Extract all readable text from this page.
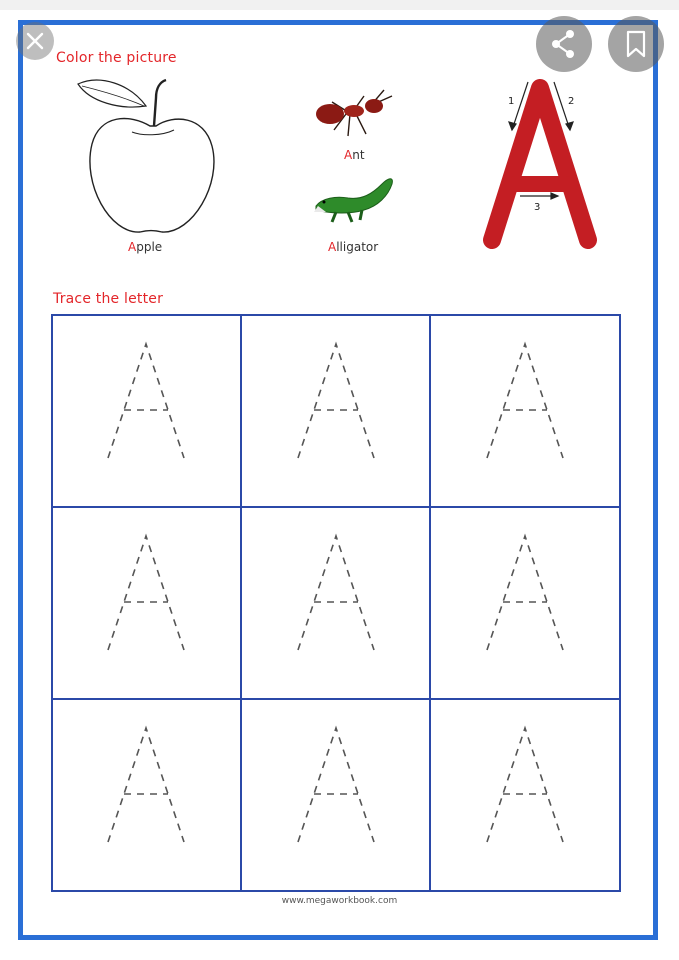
Color the picture
Trace the letter
Apple
Ant
Alligator
1	2
3
www.megaworkbook.com
